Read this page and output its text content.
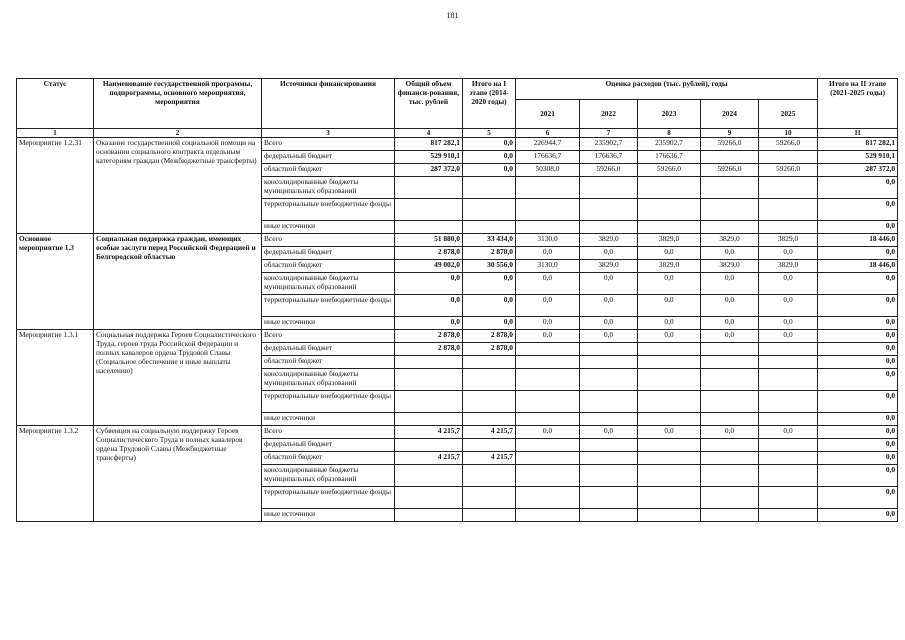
181
Статус	Наименование государственной программы, подпрограммы, основного мероприятия, мероприятия	Источники финансирования	Общий объем финанси-рования, тыс. рублей	Итого на I этапе (2014-2020 годы)	Оценка расходов (тыс. рублей), годы					Итого на II этапе (2021-2025 годы)
					2021	2022	2023	2024	2025	
1	2	3	4	5	6	7	8	9	10	11
Мероприятие 1.2.31	Оказание государственной социальной помощи на основании социального контракта отдельным категориям граждан (Межбюджетные трансферты)	Всего	817 282,1	0,0	226944,7	235902,7	235902,7	59266,0	59266,0	817 282,1
		федеральный бюджет	529 910,1	0,0	176636,7	176636,7	176636,7			529 910,1
		областной бюджет	287 372,0	0,0	50308,0	59266,0	59266,0	59266,0	59266,0	287 372,0
		консолидированные бюджеты муниципальных образований								0,0
		территориальные внебюджетные фонды								0,0
		иные источники								0,0
Основное мероприятие 1.3	Социальная поддержка граждан, имеющих особые заслуги перед Российской Федерацией и Белгородской областью	Всего	51 880,0	33 434,0	3130,0	3829,0	3829,0	3829,0	3829,0	18 446,0
		федеральный бюджет	2 878,0	2 878,0	0,0	0,0	0,0	0,0	0,0	0,0
		областной бюджет	49 002,0	30 556,0	3130,0	3829,0	3829,0	3829,0	3829,0	18 446,0
		консолидированные бюджеты муниципальных образований	0,0	0,0	0,0	0,0	0,0	0,0	0,0	0,0
		территориальные внебюджетные фонды	0,0	0,0	0,0	0,0	0,0	0,0	0,0	0,0
		иные источники	0,0	0,0	0,0	0,0	0,0	0,0	0,0	0,0
Мероприятие 1.3.1	Социальная поддержка Героев Социалистического Труда, героев труда Российской Федерации и полных кавалеров ордена Трудовой Славы (Социальное обеспечение и иные выплаты населению)	Всего	2 878,0	2 878,0	0,0	0,0	0,0	0,0	0,0	0,0
		федеральный бюджет	2 878,0	2 878,0						0,0
		областной бюджет								0,0
		консолидированные бюджеты муниципальных образований								0,0
		территориальные внебюджетные фонды								0,0
		иные источники								0,0
Мероприятие 1.3.2	Субвенция на социальную поддержку Героев Социалистического Труда и полных кавалеров ордена Трудовой Славы (Межбюджетные трансферты)	Всего	4 215,7	4 215,7	0,0	0,0	0,0	0,0	0,0	0,0
		федеральный бюджет								0,0
		областной бюджет	4 215,7	4 215,7						0,0
		консолидированные бюджеты муниципальных образований								0,0
		территориальные внебюджетные фонды								0,0
		иные источники								0,0
